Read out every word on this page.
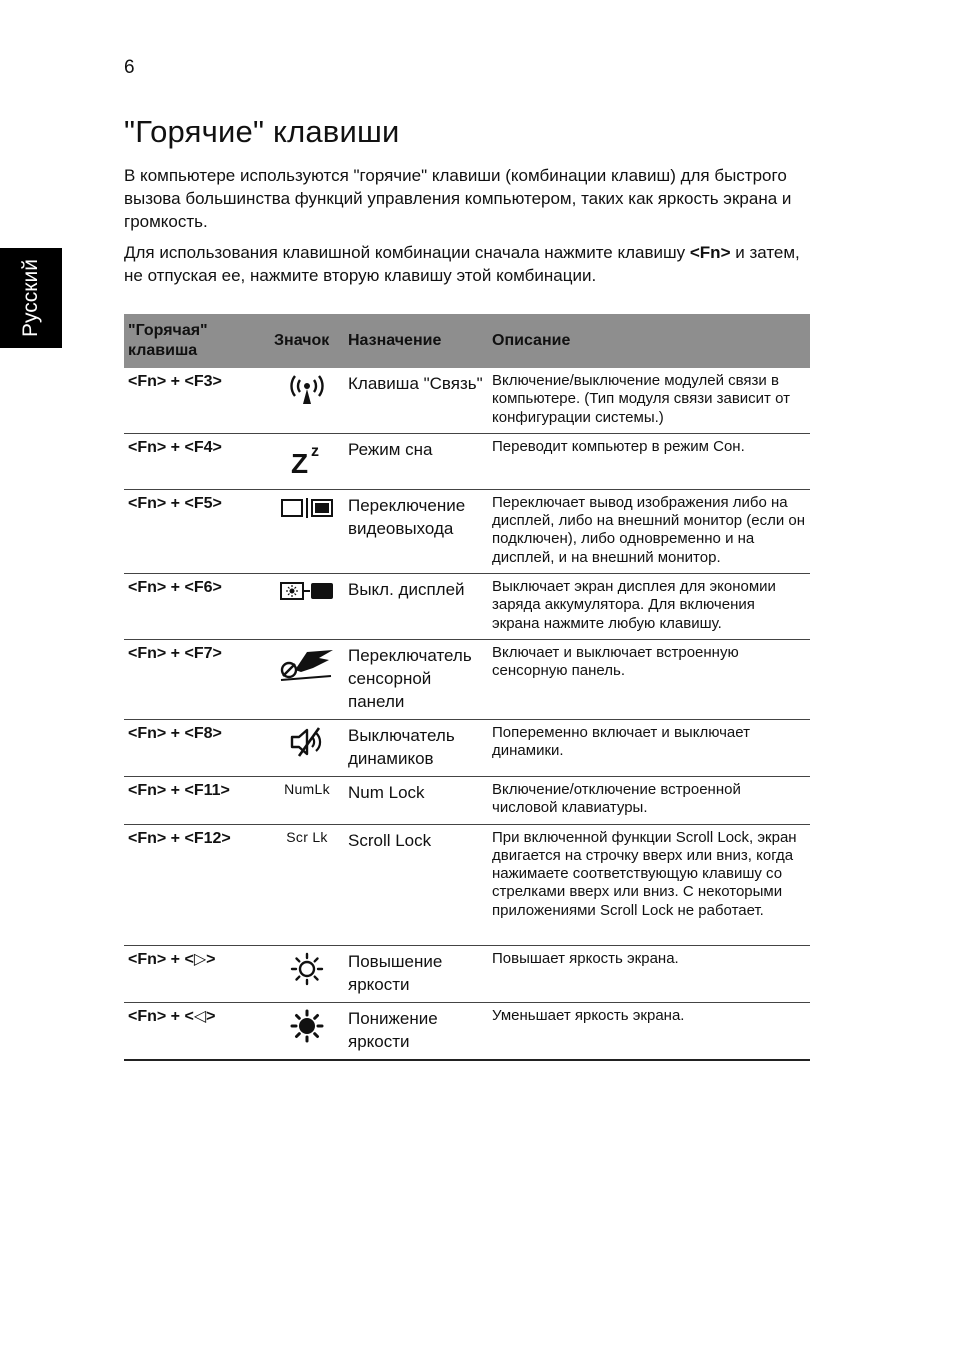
6
Русский
"Горячие" клавиши

В компьютере используются "горячие" клавиши (комбинации клавиш) для быстрого вызова большинства функций управления компьютером, таких как яркость экрана и громкость.

Для использования клавишной комбинации сначала нажмите клавишу <Fn> и затем, не отпуская ее, нажмите вторую клавишу этой комбинации.

"Горячая" клавиша	Значок	Назначение	Описание
<Fn> + <F3>		Клавиша "Связь"	Включение/выключение модулей связи в компьютере. (Тип модуля связи зависит от конфигурации системы.)
<Fn> + <F4>	Z z	Режим сна	Переводит компьютер в режим Сон.
<Fn> + <F5>		Переключение видеовыхода	Переключает вывод изображения либо на дисплей, либо на внешний монитор (если он подключен), либо одновременно и на дисплей, и на внешний монитор.
<Fn> + <F6>		Выкл. дисплей	Выключает экран дисплея для экономии заряда аккумулятора. Для включения экрана нажмите любую клавишу.
<Fn> + <F7>		Переключатель сенсорной панели	Включает и выключает встроенную сенсорную панель.
<Fn> + <F8>		Выключатель динамиков	Попеременно включает и выключает динамики.
<Fn> + <F11>	NumLk	Num Lock	Включение/отключение встроенной числовой клавиатуры.
<Fn> + <F12>	Scr Lk	Scroll Lock	При включенной функции Scroll Lock, экран двигается на строчку вверх или вниз, когда нажимаете соответствующую клавишу со стрелками вверх или вниз. С некоторыми приложениями Scroll Lock не работает.
<Fn> + <▷>		Повышение яркости	Повышает яркость экрана.
<Fn> + <◁>		Понижение яркости	Уменьшает яркость экрана.
